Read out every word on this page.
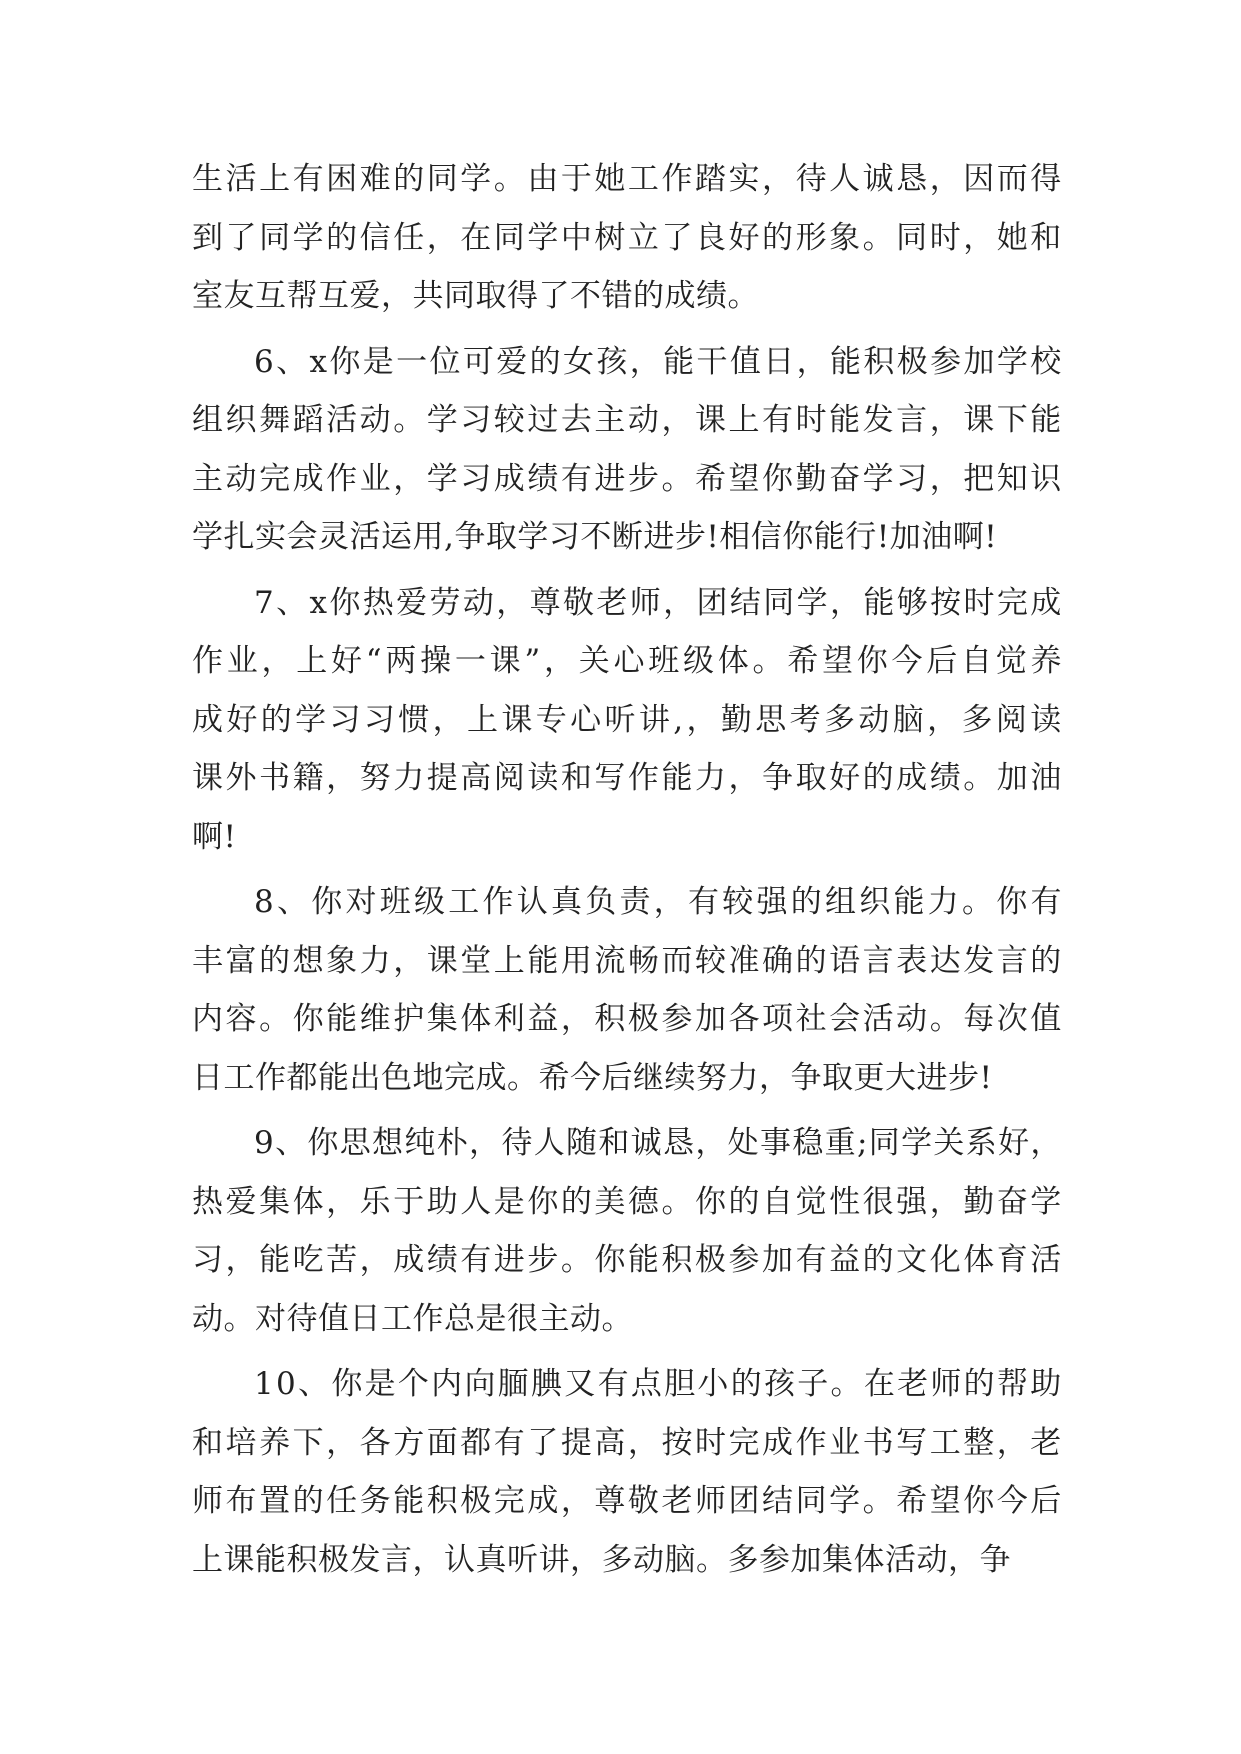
生 活 上 有 困 难 的 同 学 。 由 于 她 工 作 踏 实 ， 待 人 诚 恳 ， 因 而 得
到 了 同 学 的 信 任 ， 在 同 学 中 树 立 了 良 好 的 形 象 。 同 时 ， 她 和
室友互帮互爱，共同取得了不错的成绩。
6 、 x 你 是 一 位 可 爱 的 女 孩 ， 能 干 值 日 ， 能 积 极 参 加 学 校
组 织 舞 蹈 活 动 。 学 习 较 过 去 主 动 ， 课 上 有 时 能 发 言 ， 课 下 能
主 动 完 成 作 业 ， 学 习 成 绩 有 进 步 。 希 望 你 勤 奋 学 习 ， 把 知 识
学扎实会灵活运用,争取学习不断进步!相信你能行!加油啊!
7 、 x 你 热 爱 劳 动 ， 尊 敬 老 师 ， 团 结 同 学 ， 能 够 按 时 完 成
作 业 ， 上 好 “ 两 操 一 课 ” ， 关 心 班 级 体 。 希 望 你 今 后 自 觉 养
成 好 的 学 习 习 惯 ， 上 课 专 心 听 讲 , ， 勤 思 考 多 动 脑 ， 多 阅 读
课 外 书 籍 ， 努 力 提 高 阅 读 和 写 作 能 力 ， 争 取 好 的 成 绩 。 加 油
啊!
8 、 你 对 班 级 工 作 认 真 负 责 ， 有 较 强 的 组 织 能 力 。 你 有
丰 富 的 想 象 力 ， 课 堂 上 能 用 流 畅 而 较 准 确 的 语 言 表 达 发 言 的
内 容 。 你 能 维 护 集 体 利 益 ， 积 极 参 加 各 项 社 会 活 动 。 每 次 值
日工作都能出色地完成。希今后继续努力，争取更大进步!
9 、 你 思 想 纯 朴 ， 待 人 随 和 诚 恳 ， 处 事 稳 重 ; 同 学 关 系 好 ，
热 爱 集 体 ， 乐 于 助 人 是 你 的 美 德 。 你 的 自 觉 性 很 强 ， 勤 奋 学
习 ， 能 吃 苦 ， 成 绩 有 进 步 。 你 能 积 极 参 加 有 益 的 文 化 体 育 活
动。对待值日工作总是很主动。
1 0 、 你 是 个 内 向 腼 腆 又 有 点 胆 小 的 孩 子 。 在 老 师 的 帮 助
和 培 养 下 ， 各 方 面 都 有 了 提 高 ， 按 时 完 成 作 业 书 写 工 整 ， 老
师 布 置 的 任 务 能 积 极 完 成 ， 尊 敬 老 师 团 结 同 学 。 希 望 你 今 后
上课能积极发言，认真听讲，多动脑。多参加集体活动，争
